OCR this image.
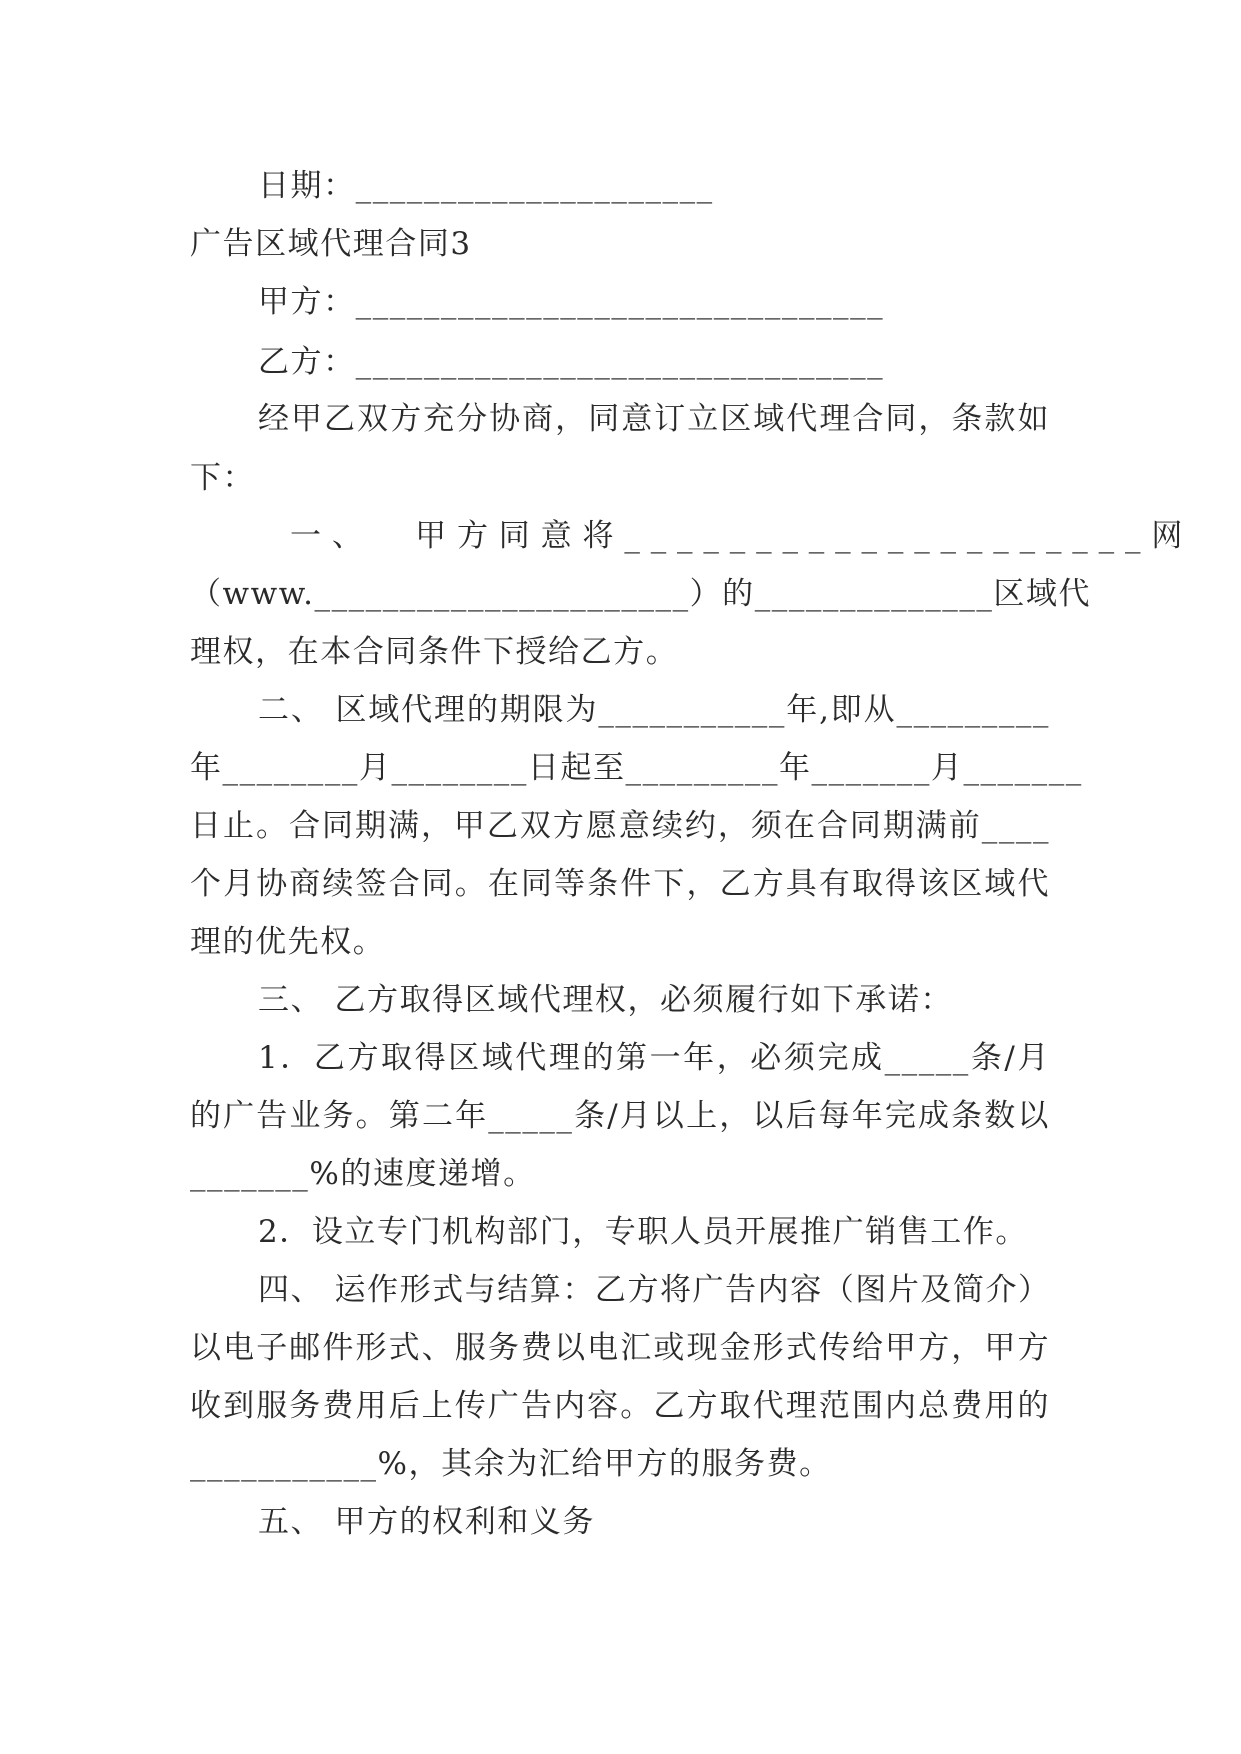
日期：_____________________
广告区域代理合同3
甲方：_______________________________
乙方：_______________________________
经甲乙双方充分协商，同意订立区域代理合同，条款如
下：
一、  甲方同意将____________________网
（www.______________________）的______________区域代
理权，在本合同条件下授给乙方。
二、 区域代理的期限为___________年,即从_________
年________月________日起至_________年_______月_______
日止。合同期满，甲乙双方愿意续约，须在合同期满前____
个月协商续签合同。在同等条件下，乙方具有取得该区域代
理的优先权。
三、 乙方取得区域代理权，必须履行如下承诺：
1．乙方取得区域代理的第一年，必须完成_____条/月
的广告业务。第二年_____条/月以上，以后每年完成条数以
_______%的速度递增。
2．设立专门机构部门，专职人员开展推广销售工作。
四、 运作形式与结算：乙方将广告内容（图片及简介）
以电子邮件形式、服务费以电汇或现金形式传给甲方，甲方
收到服务费用后上传广告内容。乙方取代理范围内总费用的
___________%，其余为汇给甲方的服务费。
五、 甲方的权利和义务
